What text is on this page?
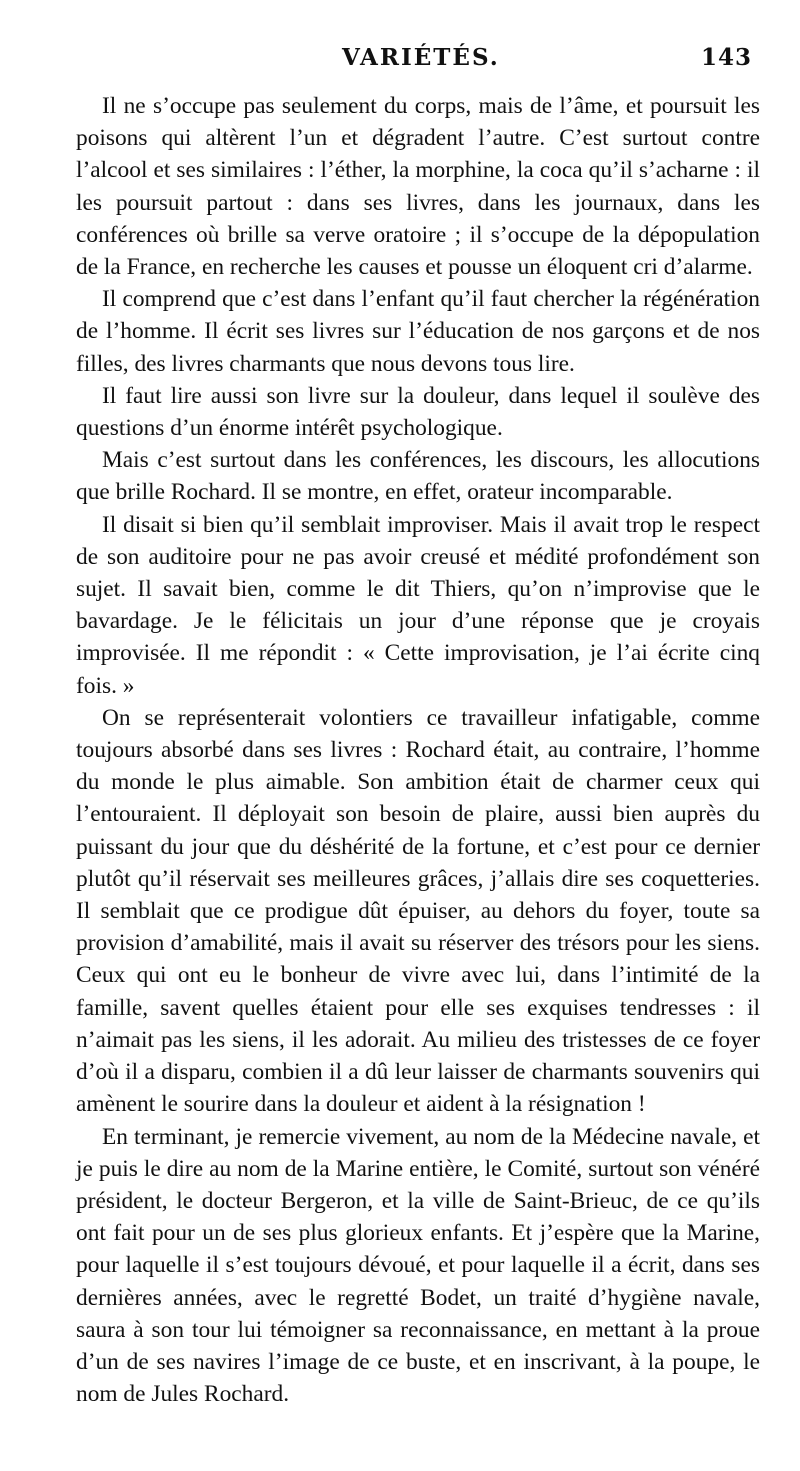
VARIÉTÉS.	143

Il ne s’occupe pas seulement du corps, mais de l’âme, et poursuit les poisons qui altèrent l’un et dégradent l’autre. C’est surtout contre l’alcool et ses similaires : l’éther, la morphine, la coca qu’il s’acharne : il les poursuit partout : dans ses livres, dans les journaux, dans les conférences où brille sa verve oratoire ; il s’occupe de la dépopulation de la France, en recherche les causes et pousse un éloquent cri d’alarme.

Il comprend que c’est dans l’enfant qu’il faut chercher la régénération de l’homme. Il écrit ses livres sur l’éducation de nos garçons et de nos filles, des livres charmants que nous devons tous lire.

Il faut lire aussi son livre sur la douleur, dans lequel il soulève des questions d’un énorme intérêt psychologique.

Mais c’est surtout dans les conférences, les discours, les allocutions que brille Rochard. Il se montre, en effet, orateur incomparable.

Il disait si bien qu’il semblait improviser. Mais il avait trop le respect de son auditoire pour ne pas avoir creusé et médité profondément son sujet. Il savait bien, comme le dit Thiers, qu’on n’improvise que le bavardage. Je le félicitais un jour d’une réponse que je croyais improvisée. Il me répondit : « Cette improvisation, je l’ai écrite cinq fois. »

On se représenterait volontiers ce travailleur infatigable, comme toujours absorbé dans ses livres : Rochard était, au contraire, l’homme du monde le plus aimable. Son ambition était de charmer ceux qui l’entouraient. Il déployait son besoin de plaire, aussi bien auprès du puissant du jour que du déshérité de la fortune, et c’est pour ce dernier plutôt qu’il réservait ses meilleures grâces, j’allais dire ses coquetteries. Il semblait que ce prodigue dût épuiser, au dehors du foyer, toute sa provision d’amabilité, mais il avait su réserver des trésors pour les siens. Ceux qui ont eu le bonheur de vivre avec lui, dans l’intimité de la famille, savent quelles étaient pour elle ses exquises tendresses : il n’aimait pas les siens, il les adorait. Au milieu des tristesses de ce foyer d’où il a disparu, combien il a dû leur laisser de charmants souvenirs qui amènent le sourire dans la douleur et aident à la résignation !

En terminant, je remercie vivement, au nom de la Médecine navale, et je puis le dire au nom de la Marine entière, le Comité, surtout son vénéré président, le docteur Bergeron, et la ville de Saint-Brieuc, de ce qu’ils ont fait pour un de ses plus glorieux enfants. Et j’espère que la Marine, pour laquelle il s’est toujours dévoué, et pour laquelle il a écrit, dans ses dernières années, avec le regretté Bodet, un traité d’hygiène navale, saura à son tour lui témoigner sa reconnaissance, en mettant à la proue d’un de ses navires l’image de ce buste, et en inscrivant, à la poupe, le nom de Jules Rochard.
